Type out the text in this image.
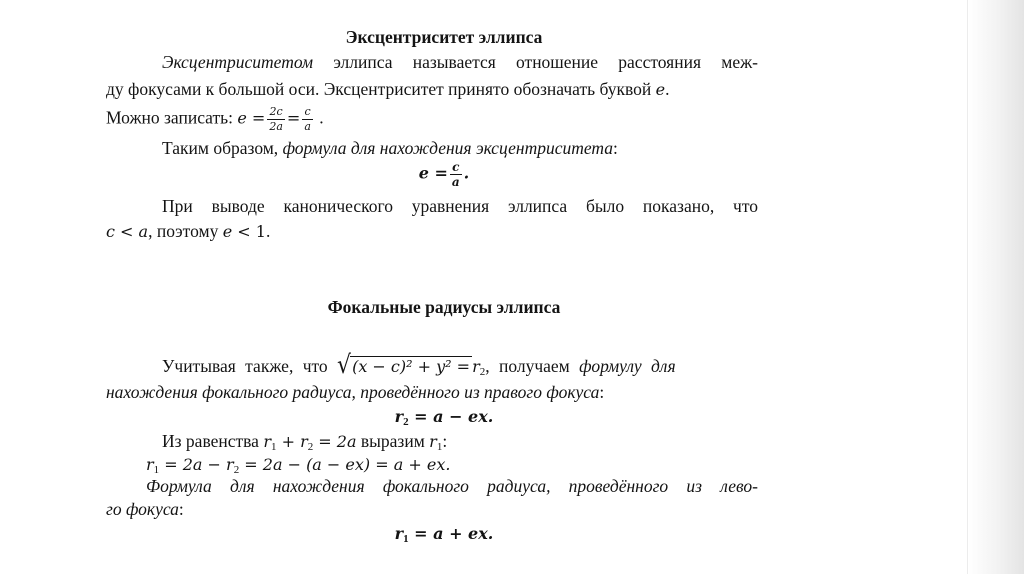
Эксцентриситет эллипса
Эксцентриситетом эллипса называется отношение расстояния меж-
ду фокусами к большой оси. Эксцентриситет принято обозначать буквой e.
Можно записать: $e = \frac{2c}{2a} = \frac{c}{a}$ .
Таким образом, формула для нахождения эксцентриситета:
$e = \frac{c}{a}$ .
При выводе канонического уравнения эллипса было показано, что
c < a, поэтому e < 1.
Фокальные радиусы эллипса
Учитывая также, что $√(x - c)^2 + y^2 =r_2$, получаем формулу для
нахождения фокального радиуса, проведённого из правого фокуса:
$r_2 = a$ − ex.
Из равенства $r_1 + r_2 = 2a$ выразим $r_1$:
$r_1 = 2a - r_2 = 2a - (a - ex) = a$ + ex.
Формула для нахождения фокального радиуса, проведённого из лево-
го фокуса:
$r_1 = a$ + ex.
